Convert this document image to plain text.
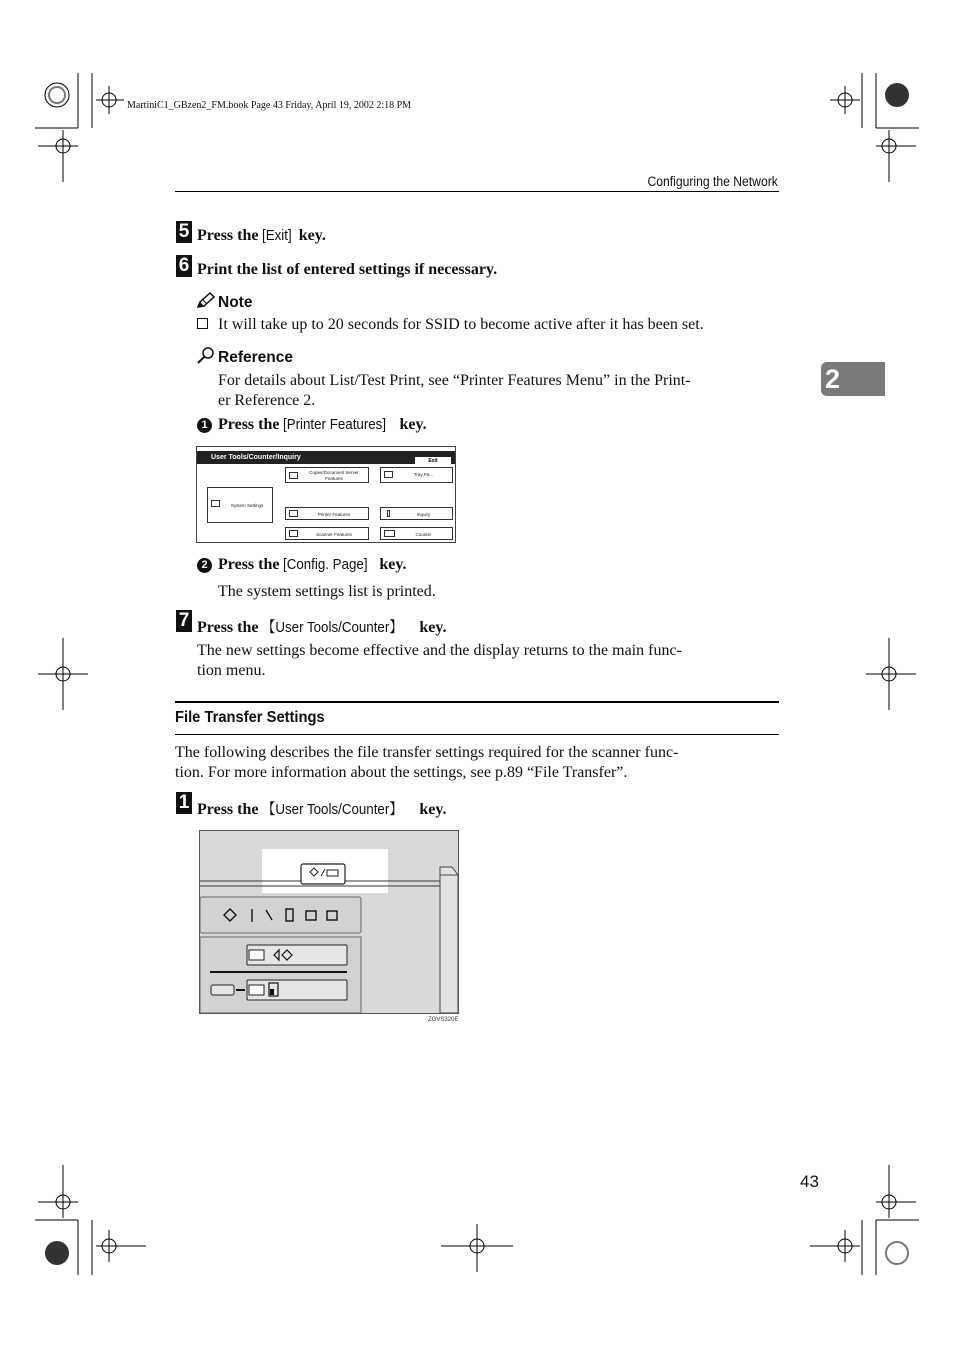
MartiniC1_GBzen2_FM.book Page 43 Friday, April 19, 2002 2:18 PM
Configuring the Network
2
5 Press the [Exit] key.
6 Print the list of entered settings if necessary.
Note
It will take up to 20 seconds for SSID to become active after it has been set.
Reference
For details about List/Test Print, see “Printer Features Menu” in the Print-
er Reference 2.
1 Press the [Printer Features] key.
User Tools/Counter/Inquiry	Exit
System Settings
Copier/Document Server Features
Tray Pa...
Printer Features	Inquiry
Scanner Features	Counter
2 Press the [Config. Page] key.
The system settings list is printed.
7 Press the 【User Tools/Counter】 key.
The new settings become effective and the display returns to the main func-
tion menu.
File Transfer Settings
The following describes the file transfer settings required for the scanner func-
tion. For more information about the settings, see p.89 “File Transfer”.
1 Press the 【User Tools/Counter】 key.
ZGVS320E
43
